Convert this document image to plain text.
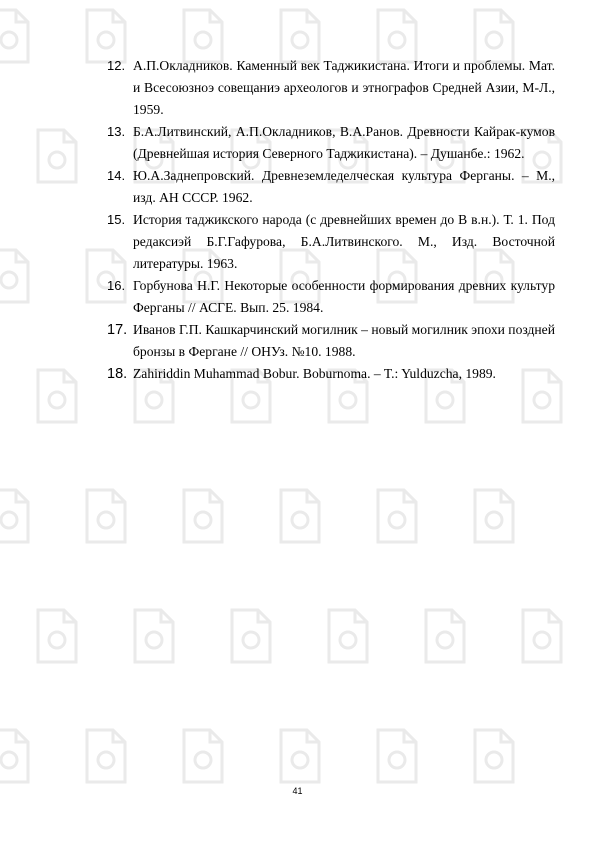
12. А.П.Окладников. Каменный век Таджикистана. Итоги и проблемы. Мат. и Всесоюзноэ совещаниэ археологов и этнографов Средней Азии, М-Л., 1959.
13. Б.А.Литвинский, А.П.Окладников, В.А.Ранов. Древности Кайрак-кумов (Древнейшая история Северного Таджикистана). – Душанбе.: 1962.
14. Ю.А.Заднепровский. Древнеземледелческая культура Ферганы. – М., изд. АН СССР. 1962.
15. История таджикского народа (с древнейших времен до В в.н.). Т. 1. Под редаксиэй Б.Г.Гафурова, Б.А.Литвинского. М., Изд. Восточной литературы. 1963.
16. Горбунова Н.Г. Некоторые особенности формирования древних культур Ферганы // АСГЕ. Вып. 25. 1984.
17. Иванов Г.П. Кашкарчинский могилник – новый могилник эпохи поздней бронзы в Фергане // ОНУз. №10. 1988.
18. Zahiriddin Muhammad Bobur. Boburnoma. – T.: Yulduzcha, 1989.
41
